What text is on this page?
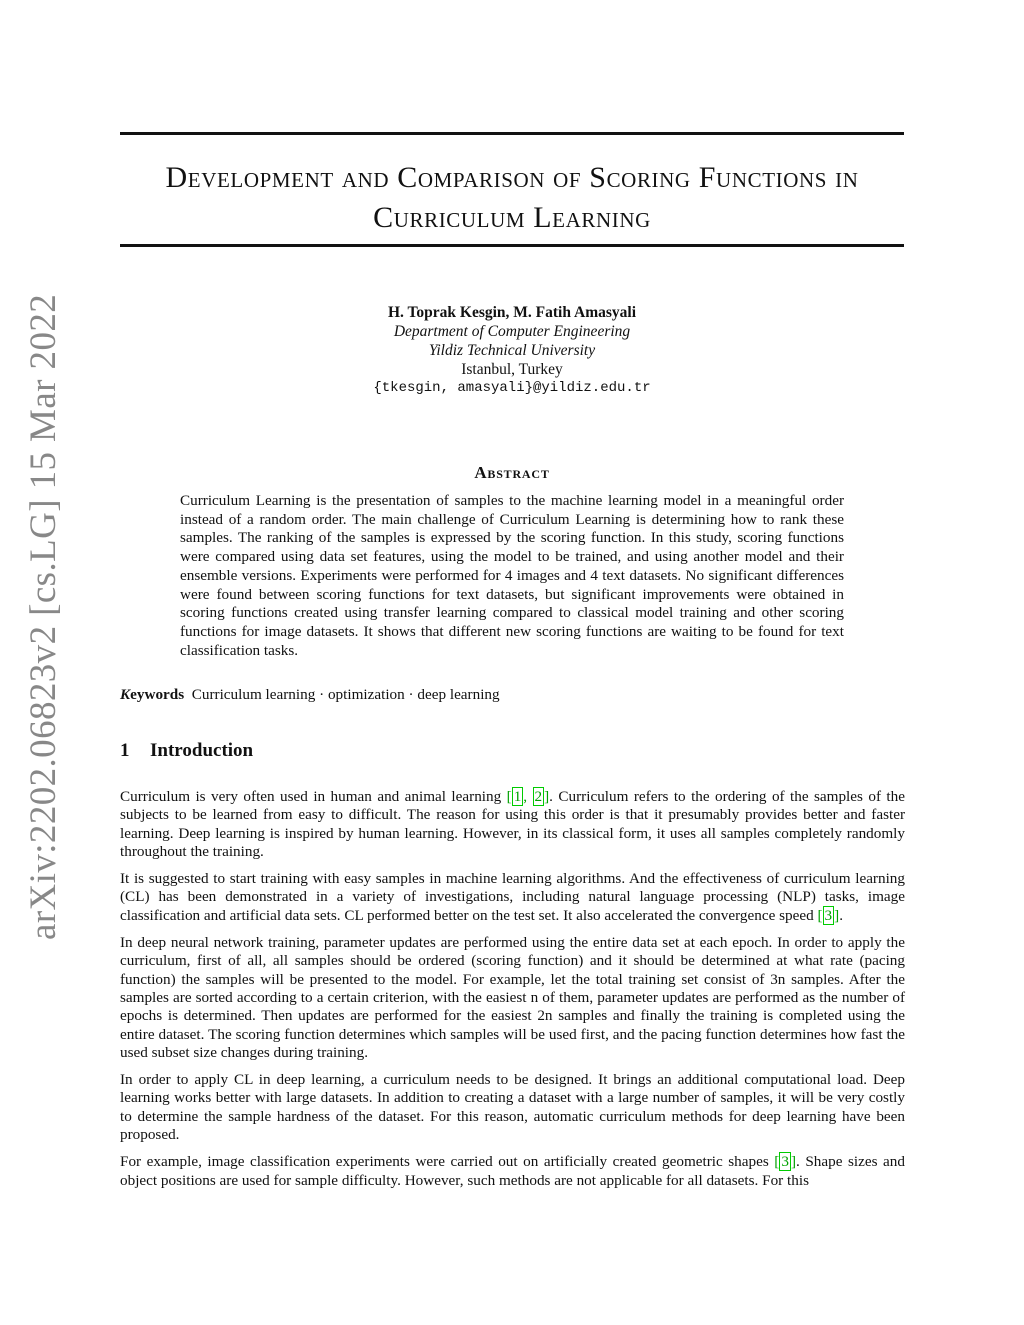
arXiv:2202.06823v2 [cs.LG] 15 Mar 2022
Development and Comparison of Scoring Functions in
Curriculum Learning
H. Toprak Kesgin, M. Fatih Amasyali
Department of Computer Engineering
Yildiz Technical University
Istanbul, Turkey
{tkesgin, amasyali}@yildiz.edu.tr
Abstract
Curriculum Learning is the presentation of samples to the machine learning model in a meaningful order instead of a random order. The main challenge of Curriculum Learning is determining how to rank these samples. The ranking of the samples is expressed by the scoring function. In this study, scoring functions were compared using data set features, using the model to be trained, and using another model and their ensemble versions. Experiments were performed for 4 images and 4 text datasets. No significant differences were found between scoring functions for text datasets, but significant improvements were obtained in scoring functions created using transfer learning compared to classical model training and other scoring functions for image datasets. It shows that different new scoring functions are waiting to be found for text classification tasks.
Keywords Curriculum learning · optimization · deep learning
1 Introduction

Curriculum is very often used in human and animal learning [ 1 , 2 ]. Curriculum refers to the ordering of the samples of the subjects to be learned from easy to difficult. The reason for using this order is that it presumably provides better and faster learning. Deep learning is inspired by human learning. However, in its classical form, it uses all samples completely randomly throughout the training.

It is suggested to start training with easy samples in machine learning algorithms. And the effectiveness of curriculum learning (CL) has been demonstrated in a variety of investigations, including natural language processing (NLP) tasks, image classification and artificial data sets. CL performed better on the test set. It also accelerated the convergence speed [ 3 ].

In deep neural network training, parameter updates are performed using the entire data set at each epoch. In order to apply the curriculum, first of all, all samples should be ordered (scoring function) and it should be determined at what rate (pacing function) the samples will be presented to the model. For example, let the total training set consist of 3n samples. After the samples are sorted according to a certain criterion, with the easiest n of them, parameter updates are performed as the number of epochs is determined. Then updates are performed for the easiest 2n samples and finally the training is completed using the entire dataset. The scoring function determines which samples will be used first, and the pacing function determines how fast the used subset size changes during training.

In order to apply CL in deep learning, a curriculum needs to be designed. It brings an additional computational load. Deep learning works better with large datasets. In addition to creating a dataset with a large number of samples, it will be very costly to determine the sample hardness of the dataset. For this reason, automatic curriculum methods for deep learning have been proposed.

For example, image classification experiments were carried out on artificially created geometric shapes [ 3 ]. Shape sizes and object positions are used for sample difficulty. However, such methods are not applicable for all datasets. For this
